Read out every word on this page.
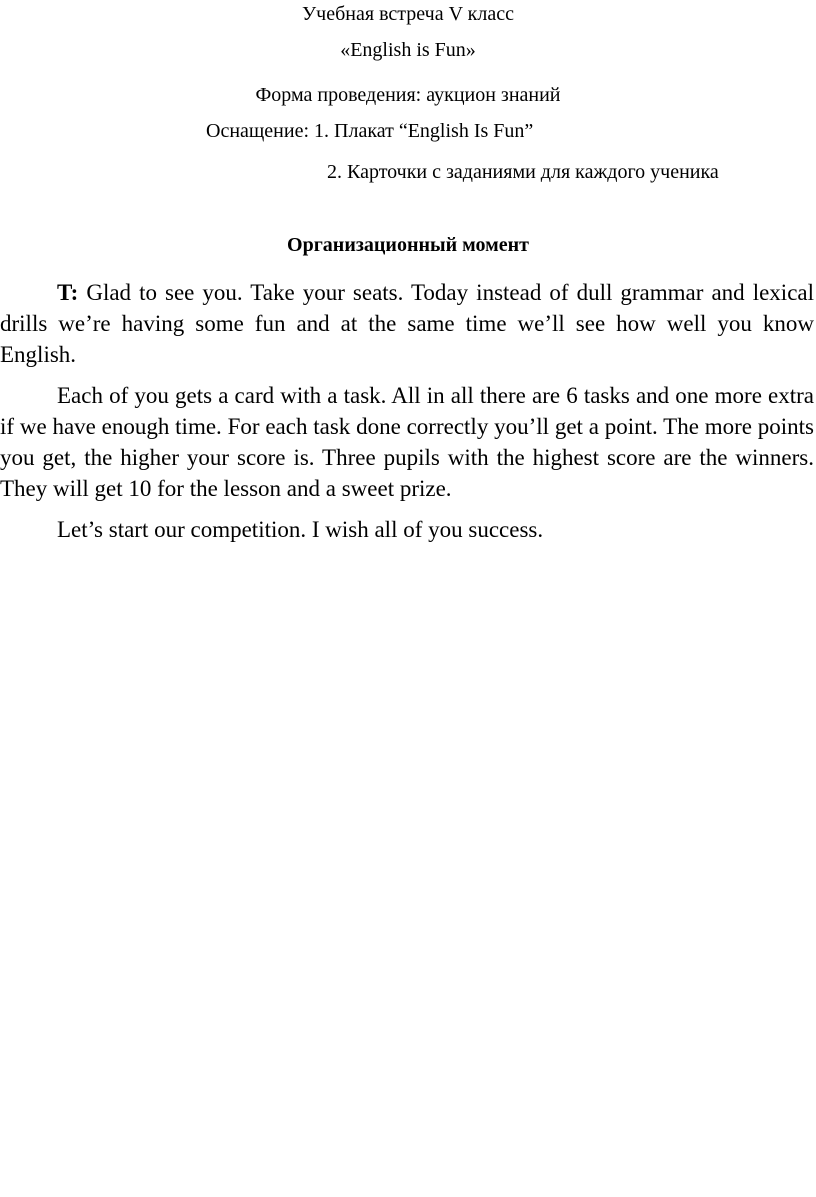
Учебная встреча V класс
«English is Fun»
Форма проведения: аукцион знаний
Оснащение: 1. Плакат “English Is Fun”
2. Карточки с заданиями для каждого ученика
Организационный момент

T: Glad to see you. Take your seats. Today instead of dull grammar and lexical drills we’re having some fun and at the same time we’ll see how well you know English.

Each of you gets a card with a task. All in all there are 6 tasks and one more extra if we have enough time. For each task done correctly you’ll get a point. The more points you get, the higher your score is. Three pupils with the highest score are the winners. They will get 10 for the lesson and a sweet prize.

Let’s start our competition. I wish all of you success.
